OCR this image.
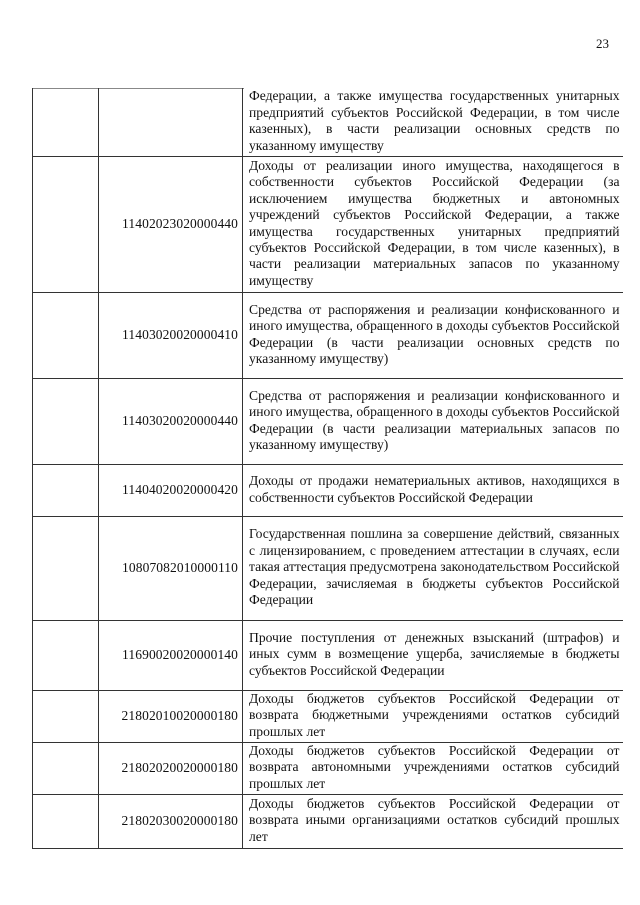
23
		Федерации, а также имущества государственных унитарных предприятий субъектов Российской Федерации, в том числе казенных), в части реализации основных средств по указанному имуществу
	11402023020000440	Доходы от реализации иного имущества, находящегося в собственности субъектов Российской Федерации (за исключением имущества бюджетных и автономных учреждений субъектов Российской Федерации, а также имущества государственных унитарных предприятий субъектов Российской Федерации, в том числе казенных), в части реализации материальных запасов по указанному имуществу
	11403020020000410	Средства от распоряжения и реализации конфискованного и иного имущества, обращенного в доходы субъектов Российской Федерации (в части реализации основных средств по указанному имуществу)
	11403020020000440	Средства от распоряжения и реализации конфискованного и иного имущества, обращенного в доходы субъектов Российской Федерации (в части реализации материальных запасов по указанному имуществу)
	11404020020000420	Доходы от продажи нематериальных активов, находящихся в собственности субъектов Российской Федерации
	10807082010000110	Государственная пошлина за совершение действий, связанных с лицензированием, с проведением аттестации в случаях, если такая аттестация предусмотрена законодательством Российской Федерации, зачисляемая в бюджеты субъектов Российской Федерации
	11690020020000140	Прочие поступления от денежных взысканий (штрафов) и иных сумм в возмещение ущерба, зачисляемые в бюджеты субъектов Российской Федерации
	21802010020000180	Доходы бюджетов субъектов Российской Федерации от возврата бюджетными учреждениями остатков субсидий прошлых лет
	21802020020000180	Доходы бюджетов субъектов Российской Федерации от возврата автономными учреждениями остатков субсидий прошлых лет
	21802030020000180	Доходы бюджетов субъектов Российской Федерации от возврата иными организациями остатков субсидий прошлых лет
